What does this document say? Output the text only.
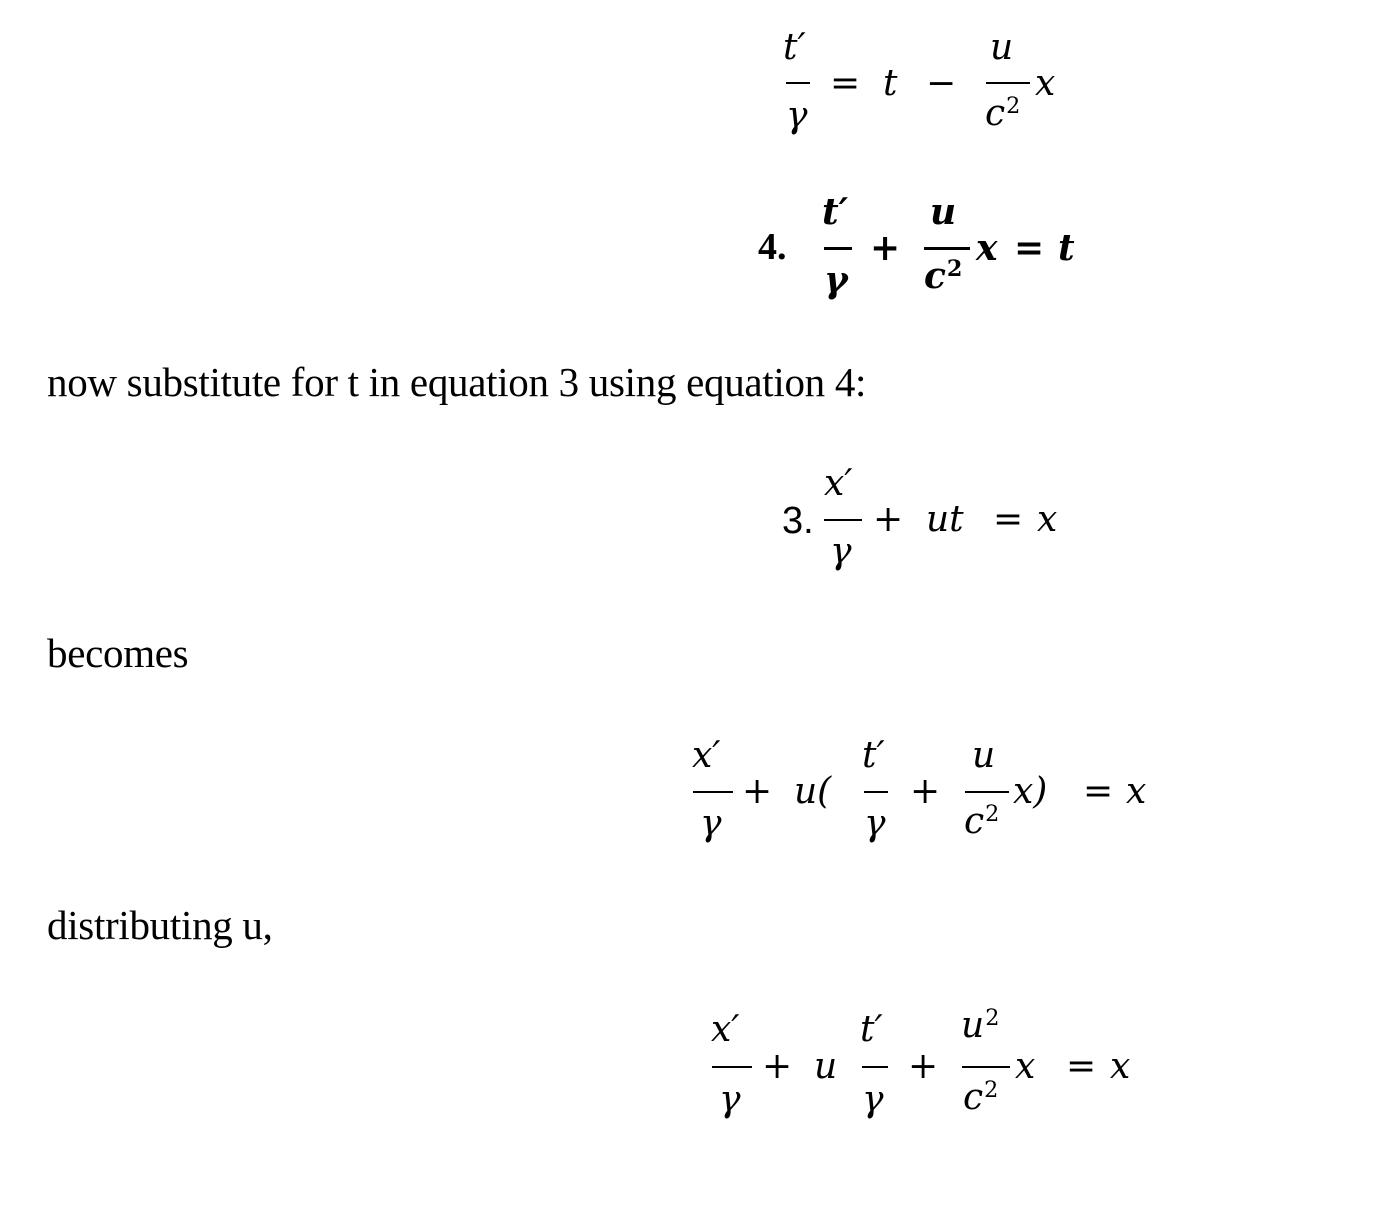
t′
γ
= t −
u
$c^2$
x
4.
t′
γ
+
u
$c^2$ x = t
now substitute for t in equation 3 using equation 4:
3.
x′
γ
+ ut = x
becomes
x′
γ
+ u(
t′
γ
+
u
$c^2$
x) = x
distributing u,
x′
γ
+ u
t′
γ
+
$u^2$
$c^2$
x = x
